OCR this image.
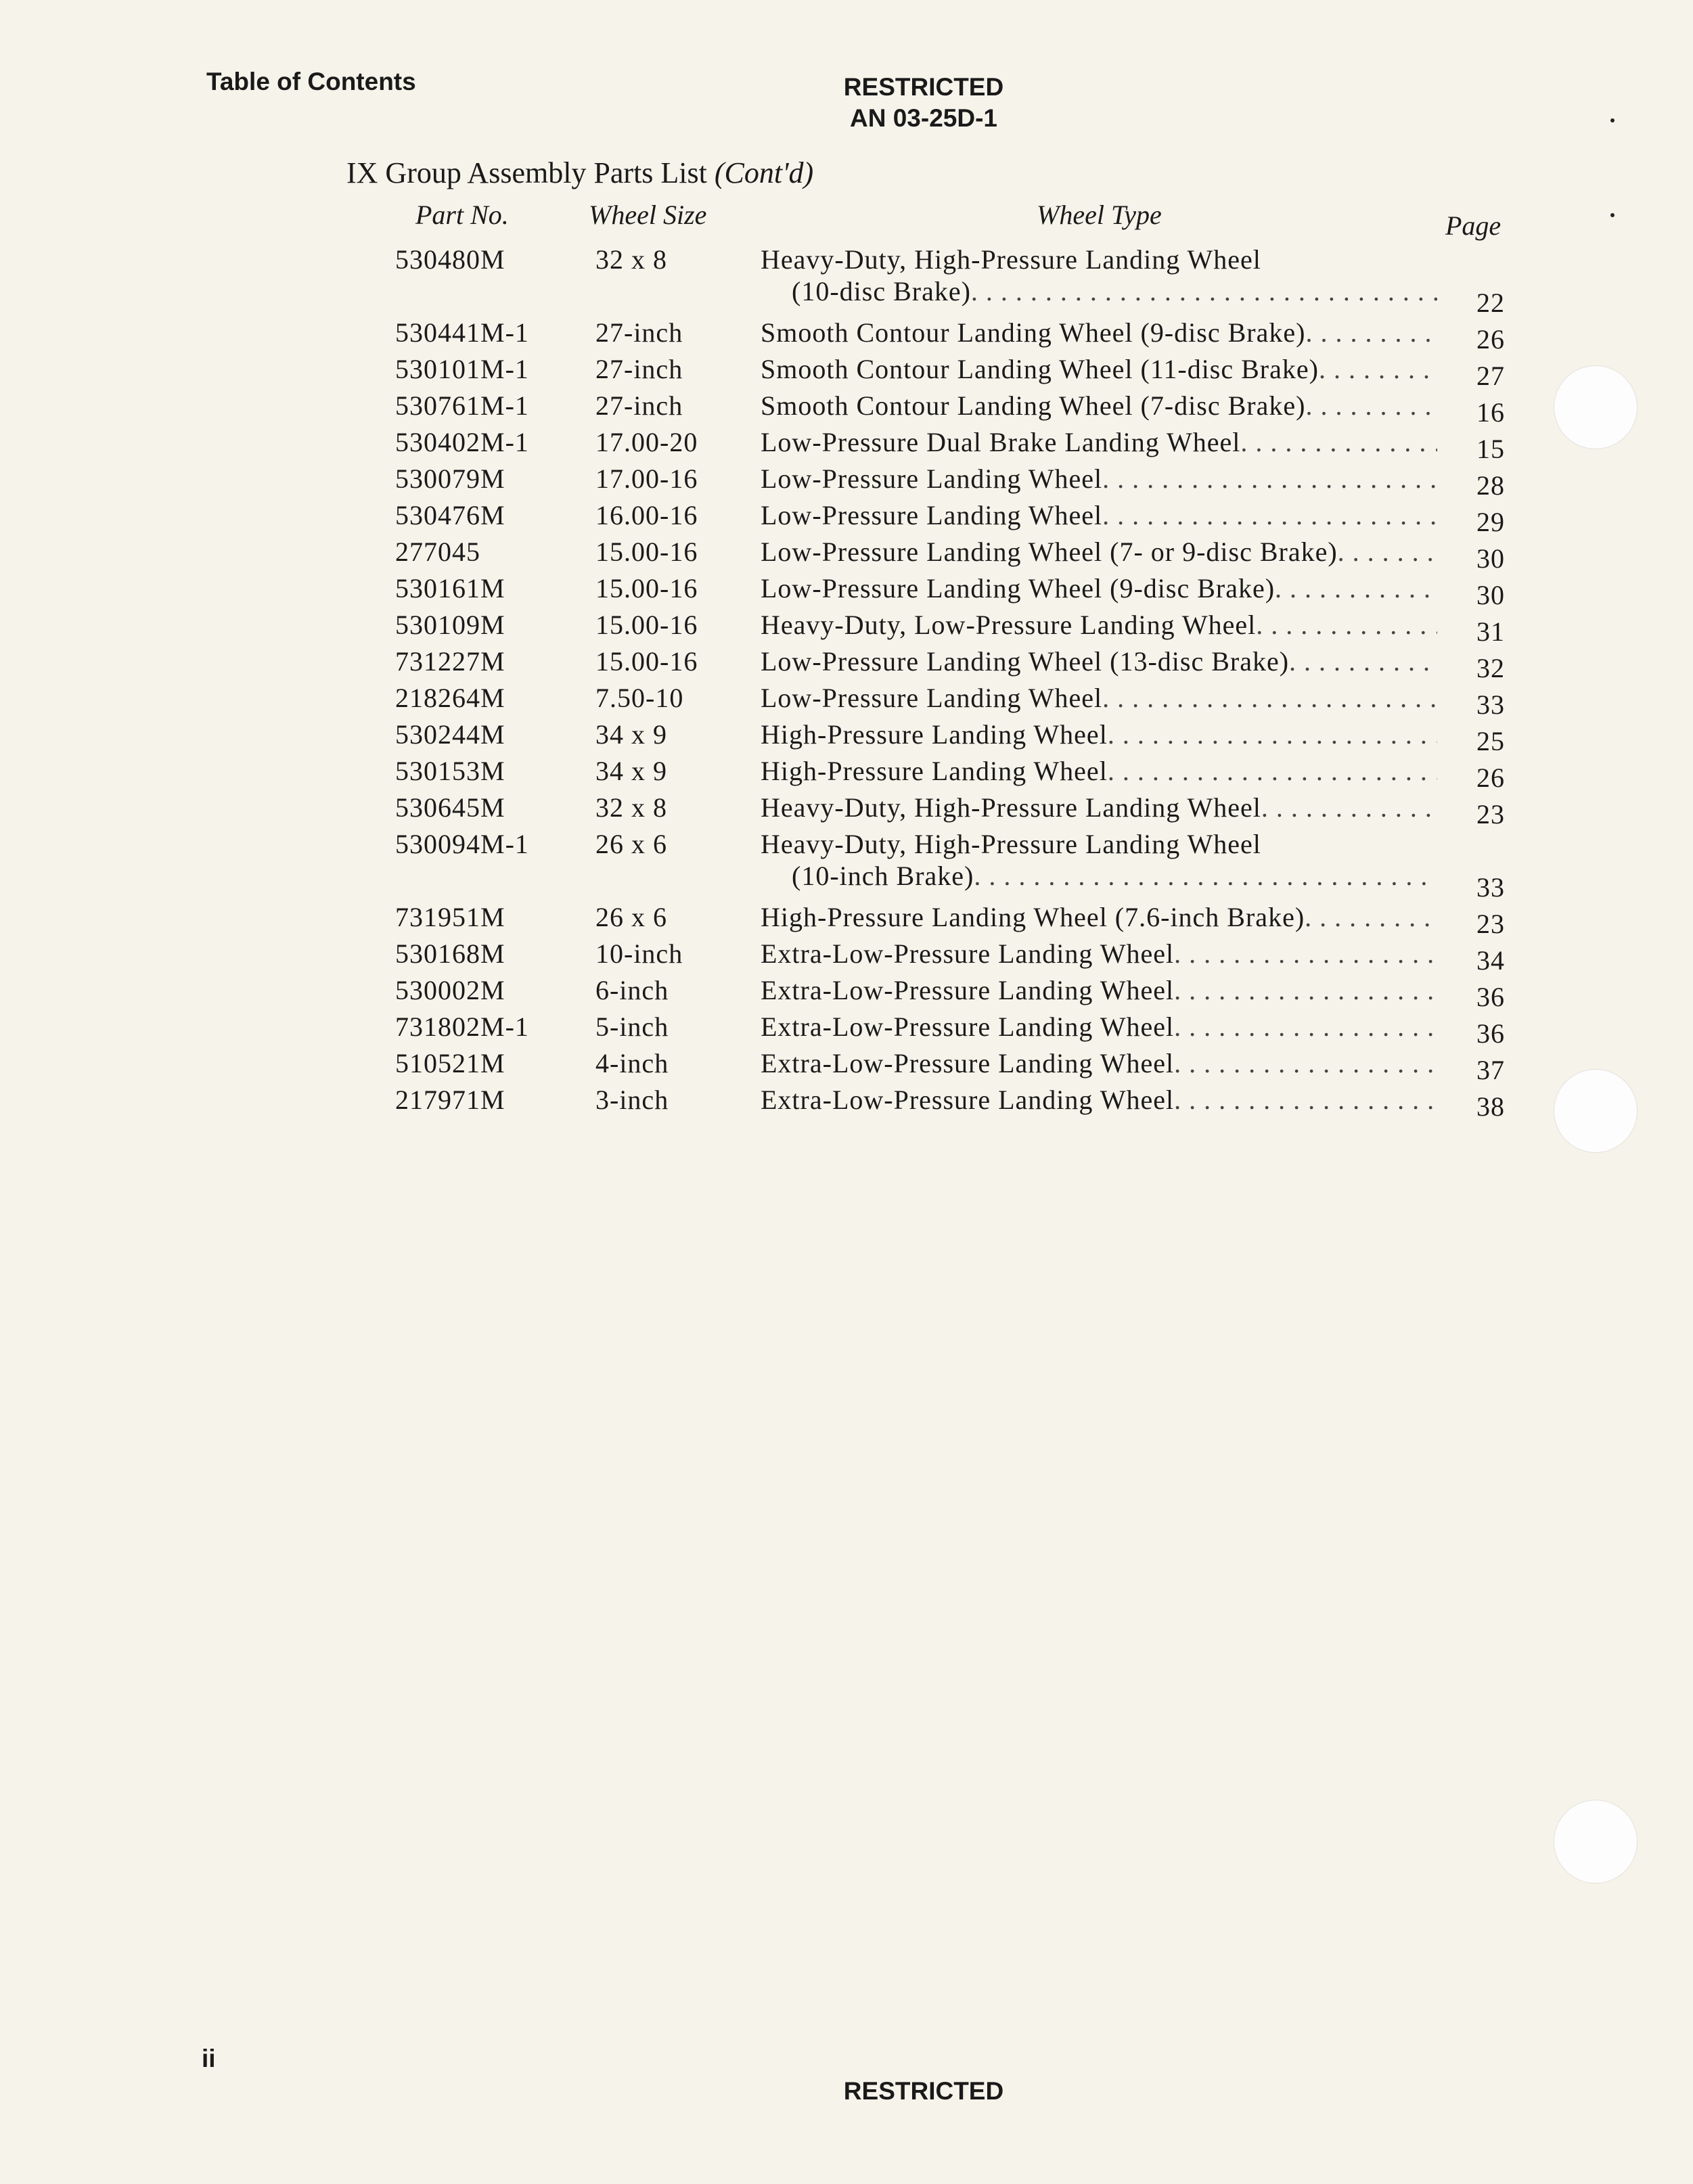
Table of Contents	RESTRICTED
AN 03-25D-1
IX Group Assembly Parts List (Cont'd)
Part No.	Wheel Size	Wheel Type	Page
530480M	32 x 8	Heavy-Duty, High-Pressure Landing Wheel
(10-disc Brake) . . .	22
530441M-1 27-inch	Smooth Contour Landing Wheel (9-disc Brake) . . .	26
530101M-1 27-inch	Smooth Contour Landing Wheel (11-disc Brake) . . .	27
530761M-1 27-inch	Smooth Contour Landing Wheel (7-disc Brake) . . .	16
530402M-1 17.00-20 Low-Pressure Dual Brake Landing Wheel . . .	15
530079M	17.00-16 Low-Pressure Landing Wheel . . .	28
530476M	16.00-16 Low-Pressure Landing Wheel . . .	29
277045	15.00-16 Low-Pressure Landing Wheel (7- or 9-disc Brake) . . .	30
530161M	15.00-16 Low-Pressure Landing Wheel (9-disc Brake) . . .	30
530109M	15.00-16 Heavy-Duty, Low-Pressure Landing Wheel . . .	31
731227M	15.00-16 Low-Pressure Landing Wheel (13-disc Brake) . . .	32
218264M	7.50-10	Low-Pressure Landing Wheel . . .	33
530244M	34 x 9	High-Pressure Landing Wheel . . .	25
530153M	34 x 9	High-Pressure Landing Wheel . . .	26
530645M	32 x 8	Heavy-Duty, High-Pressure Landing Wheel . . .	23
530094M-1 26 x 6	Heavy-Duty, High-Pressure Landing Wheel
(10-inch Brake) . . .	33
731951M	26 x 6	High-Pressure Landing Wheel (7.6-inch Brake) . . .	23
530168M	10-inch	Extra-Low-Pressure Landing Wheel . . .	34
530002M	6-inch	Extra-Low-Pressure Landing Wheel . . .	36
731802M-1 5-inch	Extra-Low-Pressure Landing Wheel . . .	36
510521M	4-inch	Extra-Low-Pressure Landing Wheel . . .	37
217971M	3-inch	Extra-Low-Pressure Landing Wheel . . .	38
ii
RESTRICTED
